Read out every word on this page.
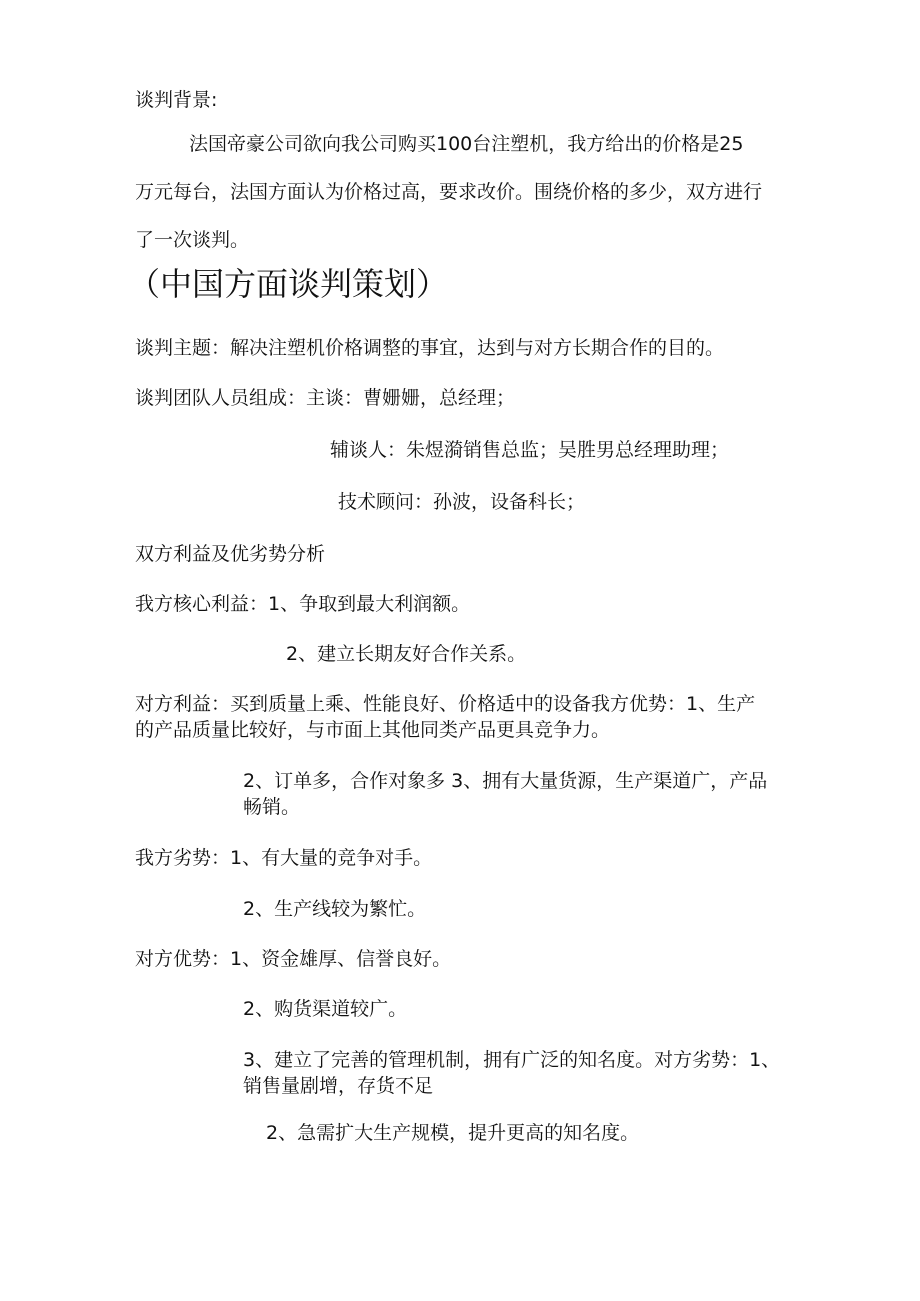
谈判背景:
法国帝豪公司欲向我公司购买100台注塑机，我方给出的价格是25
万元每台，法国方面认为价格过高，要求改价。围绕价格的多少，双方进行
了一次谈判。
（中国方面谈判策划）
谈判主题：解决注塑机价格调整的事宜，达到与对方长期合作的目的。
谈判团队人员组成：主谈：曹姗姗，总经理；
辅谈人：朱煜漪销售总监；吴胜男总经理助理；
技术顾问：孙波，设备科长；
双方利益及优劣势分析
我方核心利益：1、争取到最大利润额。
2、建立长期友好合作关系。
对方利益：买到质量上乘、性能良好、价格适中的设备我方优势：1、生产
的产品质量比较好，与市面上其他同类产品更具竞争力。
2、订单多，合作对象多 3、拥有大量货源，生产渠道广，产品
畅销。
我方劣势：1、有大量的竞争对手。
2、生产线较为繁忙。
对方优势：1、资金雄厚、信誉良好。
2、购货渠道较广。
3、建立了完善的管理机制，拥有广泛的知名度。对方劣势：1、
销售量剧增，存货不足
2、急需扩大生产规模，提升更高的知名度。
